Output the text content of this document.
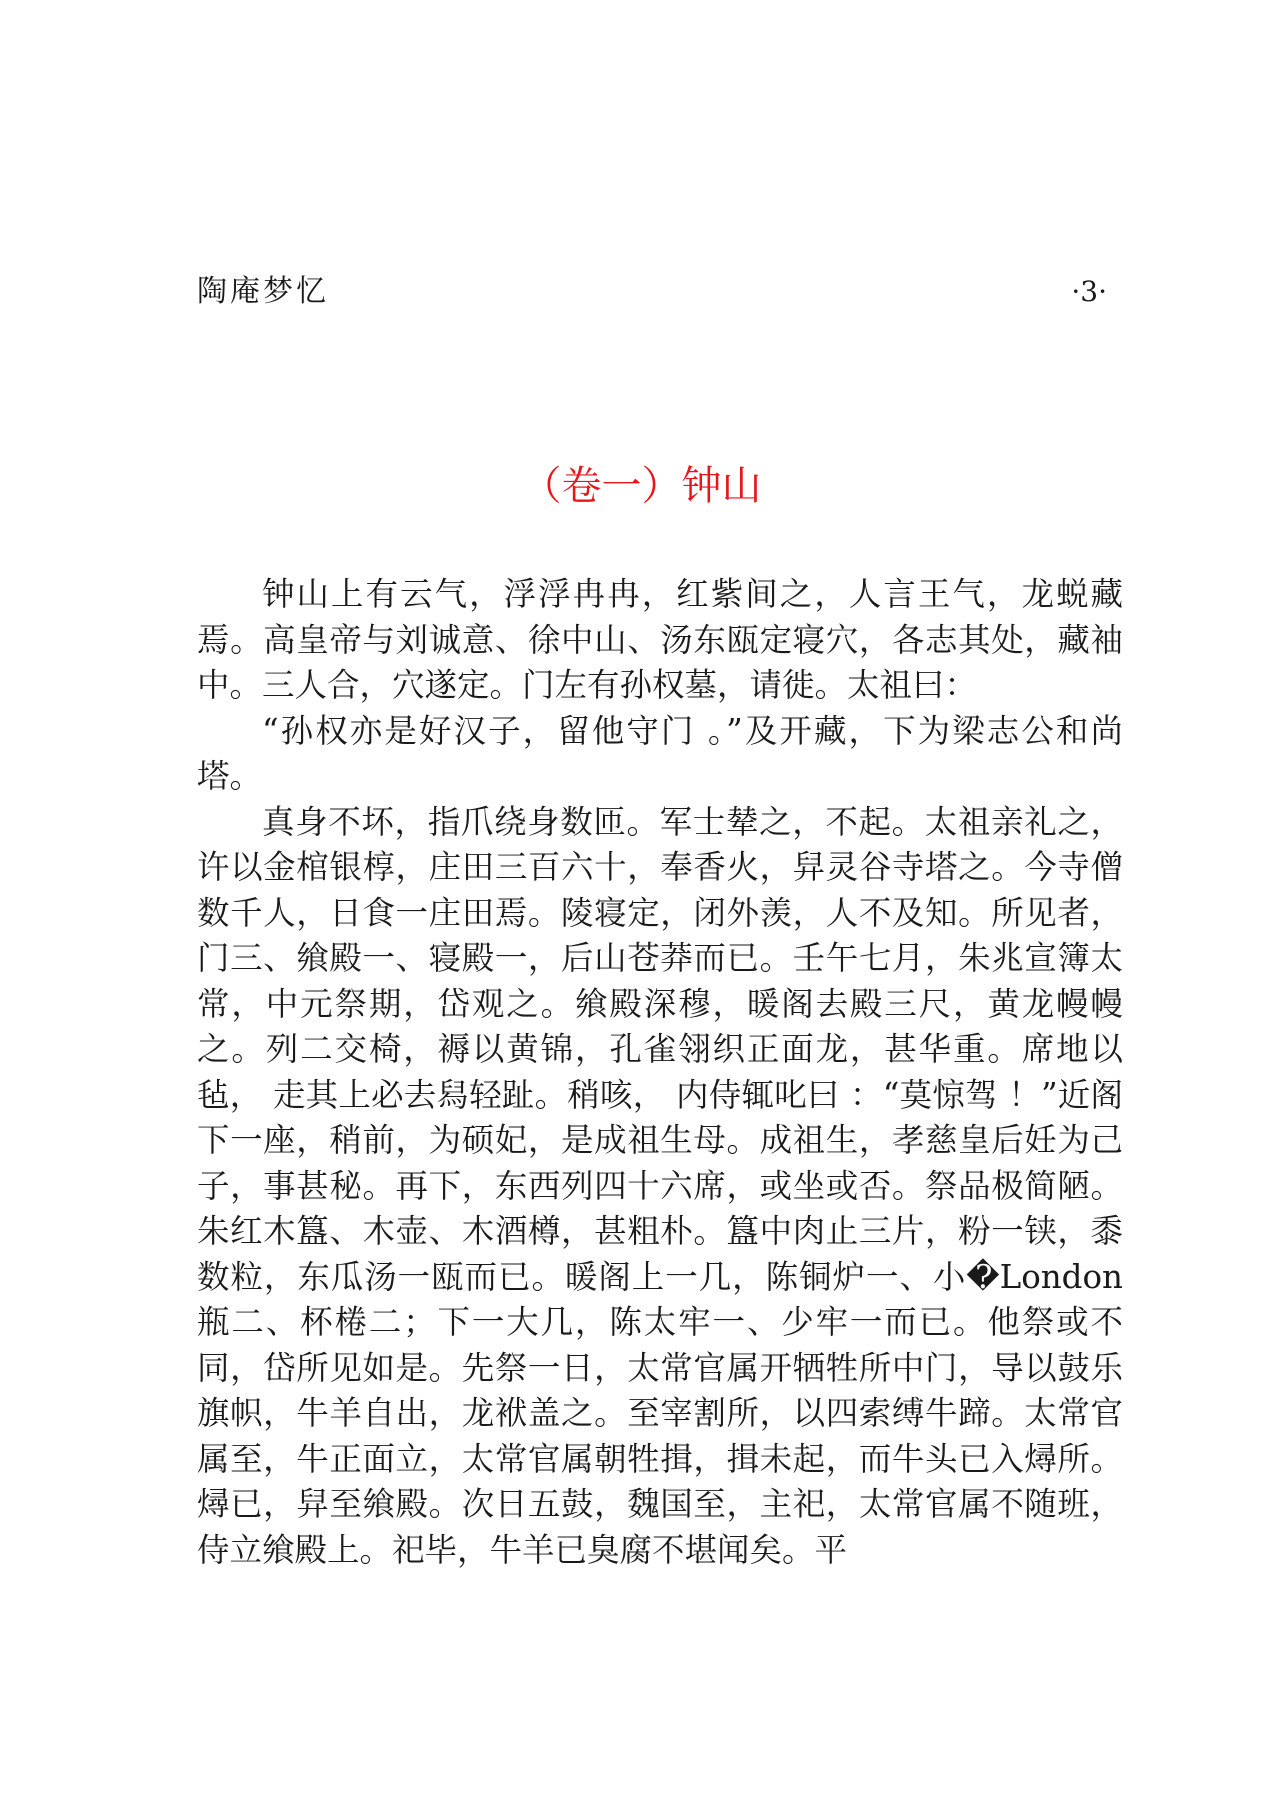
陶庵梦忆	·3·
（卷一）钟山

钟山上有云气，浮浮冉冉，红紫间之，人言王气，龙蜕藏焉。高皇帝与刘诚意、徐中山、汤东瓯定寝穴，各志其处，藏袖中。三人合，穴遂定。门左有孙权墓，请徙。太祖曰：

“孙权亦是好汉子，留他守门 。”及开藏，下为梁志公和尚塔。

真身不坏，指爪绕身数匝。军士辇之，不起。太祖亲礼之，许以金棺银椁，庄田三百六十，奉香火，舁灵谷寺塔之。今寺僧数千人，日食一庄田焉。陵寝定，闭外羡，人不及知。所见者，门三、飨殿一、寝殿一，后山苍莽而已。壬午七月，朱兆宣簿太常，中元祭期，岱观之。飨殿深穆，暖阁去殿三尺，黄龙幔幔之。列二交椅，褥以黄锦，孔雀翎织正面龙，甚华重。席地以毡， 走其上必去舄轻趾。稍咳， 内侍辄叱曰 ：“莫惊驾 ！”近阁下一座，稍前，为硕妃，是成祖生母。成祖生，孝慈皇后妊为己子，事甚秘。再下，东西列四十六席，或坐或否。祭品极简陋。朱红木簋、木壶、木酒樽，甚粗朴。簋中肉止三片，粉一铗，黍数粒，东瓜汤一瓯而已。暖阁上一几，陈铜炉一、小�London瓶二、杯棬二；下一大几，陈太牢一、少牢一而已。他祭或不同，岱所见如是。先祭一日，太常官属开牺牲所中门，导以鼓乐旗帜，牛羊自出，龙袱盖之。至宰割所，以四索缚牛蹄。太常官属至，牛正面立，太常官属朝牲揖，揖未起，而牛头已入燖所。燖已，舁至飨殿。次日五鼓，魏国至，主祀，太常官属不随班，侍立飨殿上。祀毕，牛羊已臭腐不堪闻矣。平
